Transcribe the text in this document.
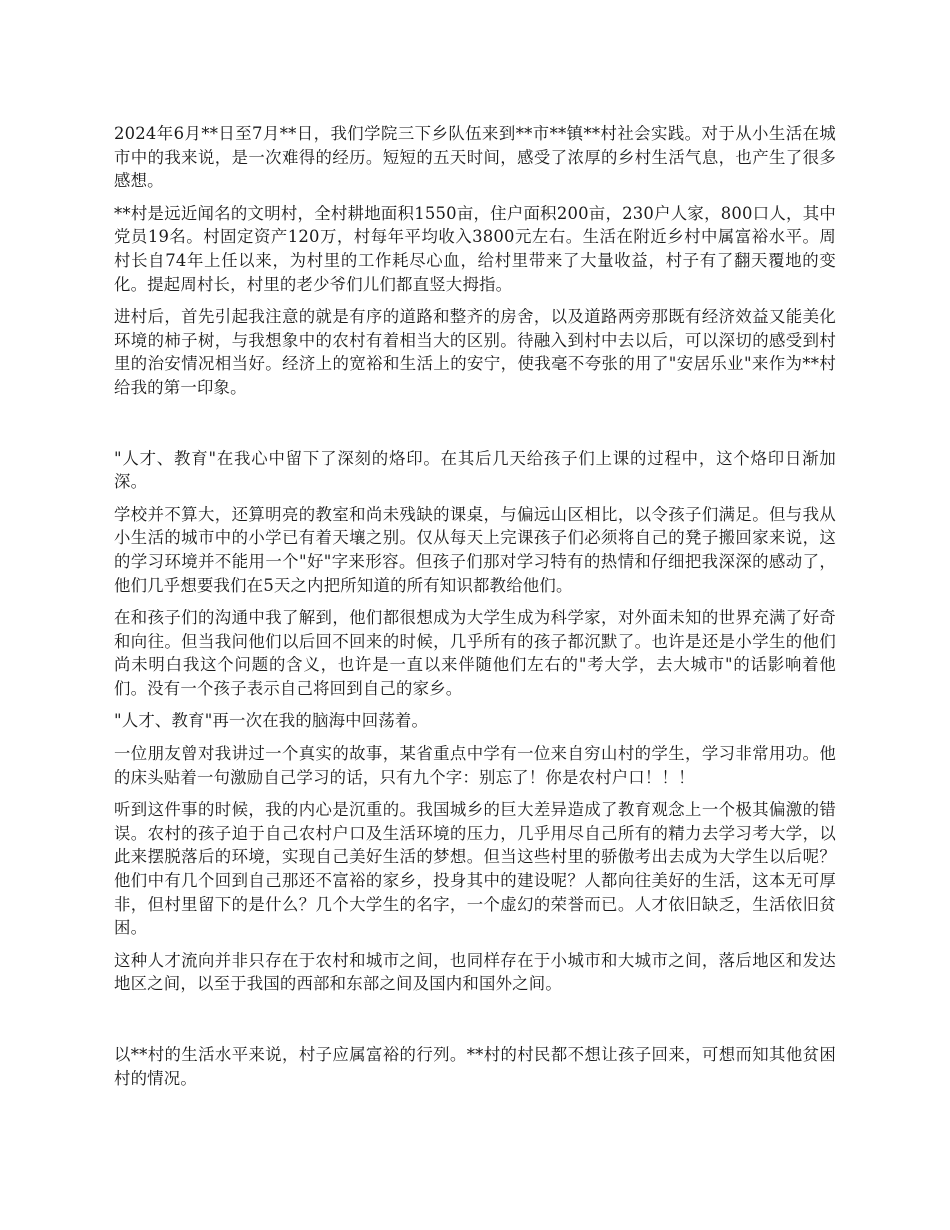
2024年6月**日至7月**日，我们学院三下乡队伍来到**市**镇**村社会实践。对于从小生活在城市中的我来说，是一次难得的经历。短短的五天时间，感受了浓厚的乡村生活气息，也产生了很多感想。

**村是远近闻名的文明村，全村耕地面积1550亩，住户面积200亩，230户人家，800口人，其中党员19名。村固定资产120万，村每年平均收入3800元左右。生活在附近乡村中属富裕水平。周村长自74年上任以来，为村里的工作耗尽心血，给村里带来了大量收益，村子有了翻天覆地的变化。提起周村长，村里的老少爷们儿们都直竖大拇指。

进村后，首先引起我注意的就是有序的道路和整齐的房舍，以及道路两旁那既有经济效益又能美化环境的柿子树，与我想象中的农村有着相当大的区别。待融入到村中去以后，可以深切的感受到村里的治安情况相当好。经济上的宽裕和生活上的安宁，使我毫不夸张的用了"安居乐业"来作为**村给我的第一印象。

"人才、教育"在我心中留下了深刻的烙印。在其后几天给孩子们上课的过程中，这个烙印日渐加深。

学校并不算大，还算明亮的教室和尚未残缺的课桌，与偏远山区相比，以令孩子们满足。但与我从小生活的城市中的小学已有着天壤之别。仅从每天上完课孩子们必须将自己的凳子搬回家来说，这的学习环境并不能用一个"好"字来形容。但孩子们那对学习特有的热情和仔细把我深深的感动了，他们几乎想要我们在5天之内把所知道的所有知识都教给他们。

在和孩子们的沟通中我了解到，他们都很想成为大学生成为科学家，对外面未知的世界充满了好奇和向往。但当我问他们以后回不回来的时候，几乎所有的孩子都沉默了。也许是还是小学生的他们尚未明白我这个问题的含义，也许是一直以来伴随他们左右的"考大学，去大城市"的话影响着他们。没有一个孩子表示自己将回到自己的家乡。

"人才、教育"再一次在我的脑海中回荡着。

一位朋友曾对我讲过一个真实的故事，某省重点中学有一位来自穷山村的学生，学习非常用功。他的床头贴着一句激励自己学习的话，只有九个字：别忘了！你是农村户口！！！

听到这件事的时候，我的内心是沉重的。我国城乡的巨大差异造成了教育观念上一个极其偏激的错误。农村的孩子迫于自己农村户口及生活环境的压力，几乎用尽自己所有的精力去学习考大学，以此来摆脱落后的环境，实现自己美好生活的梦想。但当这些村里的骄傲考出去成为大学生以后呢？他们中有几个回到自己那还不富裕的家乡，投身其中的建设呢？人都向往美好的生活，这本无可厚非，但村里留下的是什么？几个大学生的名字，一个虚幻的荣誉而已。人才依旧缺乏，生活依旧贫困。

这种人才流向并非只存在于农村和城市之间，也同样存在于小城市和大城市之间，落后地区和发达地区之间，以至于我国的西部和东部之间及国内和国外之间。

以**村的生活水平来说，村子应属富裕的行列。**村的村民都不想让孩子回来，可想而知其他贫困村的情况。
